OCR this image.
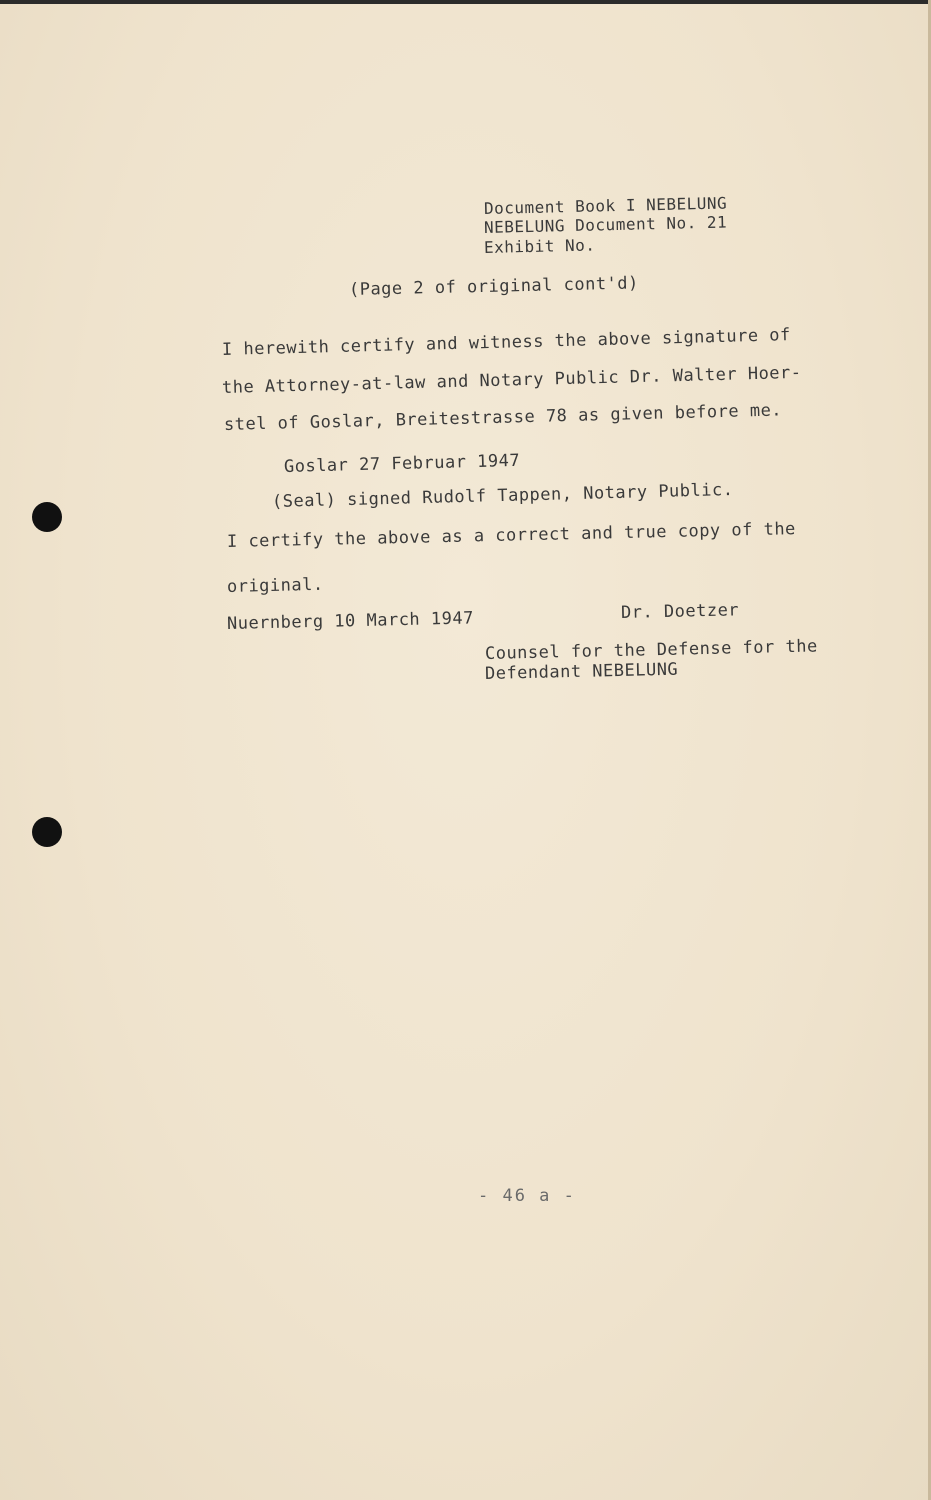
Document Book I NEBELUNG
NEBELUNG Document No. 21
Exhibit No.
(Page 2 of original cont'd)
I herewith certify and witness the above signature of
the Attorney-at-law and Notary Public Dr. Walter Hoer-
stel of Goslar, Breitestrasse 78 as given before me.
Goslar 27 Februar 1947
(Seal) signed Rudolf Tappen, Notary Public.
I certify the above as a correct and true copy of the
original.
Nuernberg 10 March 1947	Dr. Doetzer
Counsel for the Defense for the
Defendant NEBELUNG
- 46 a -
